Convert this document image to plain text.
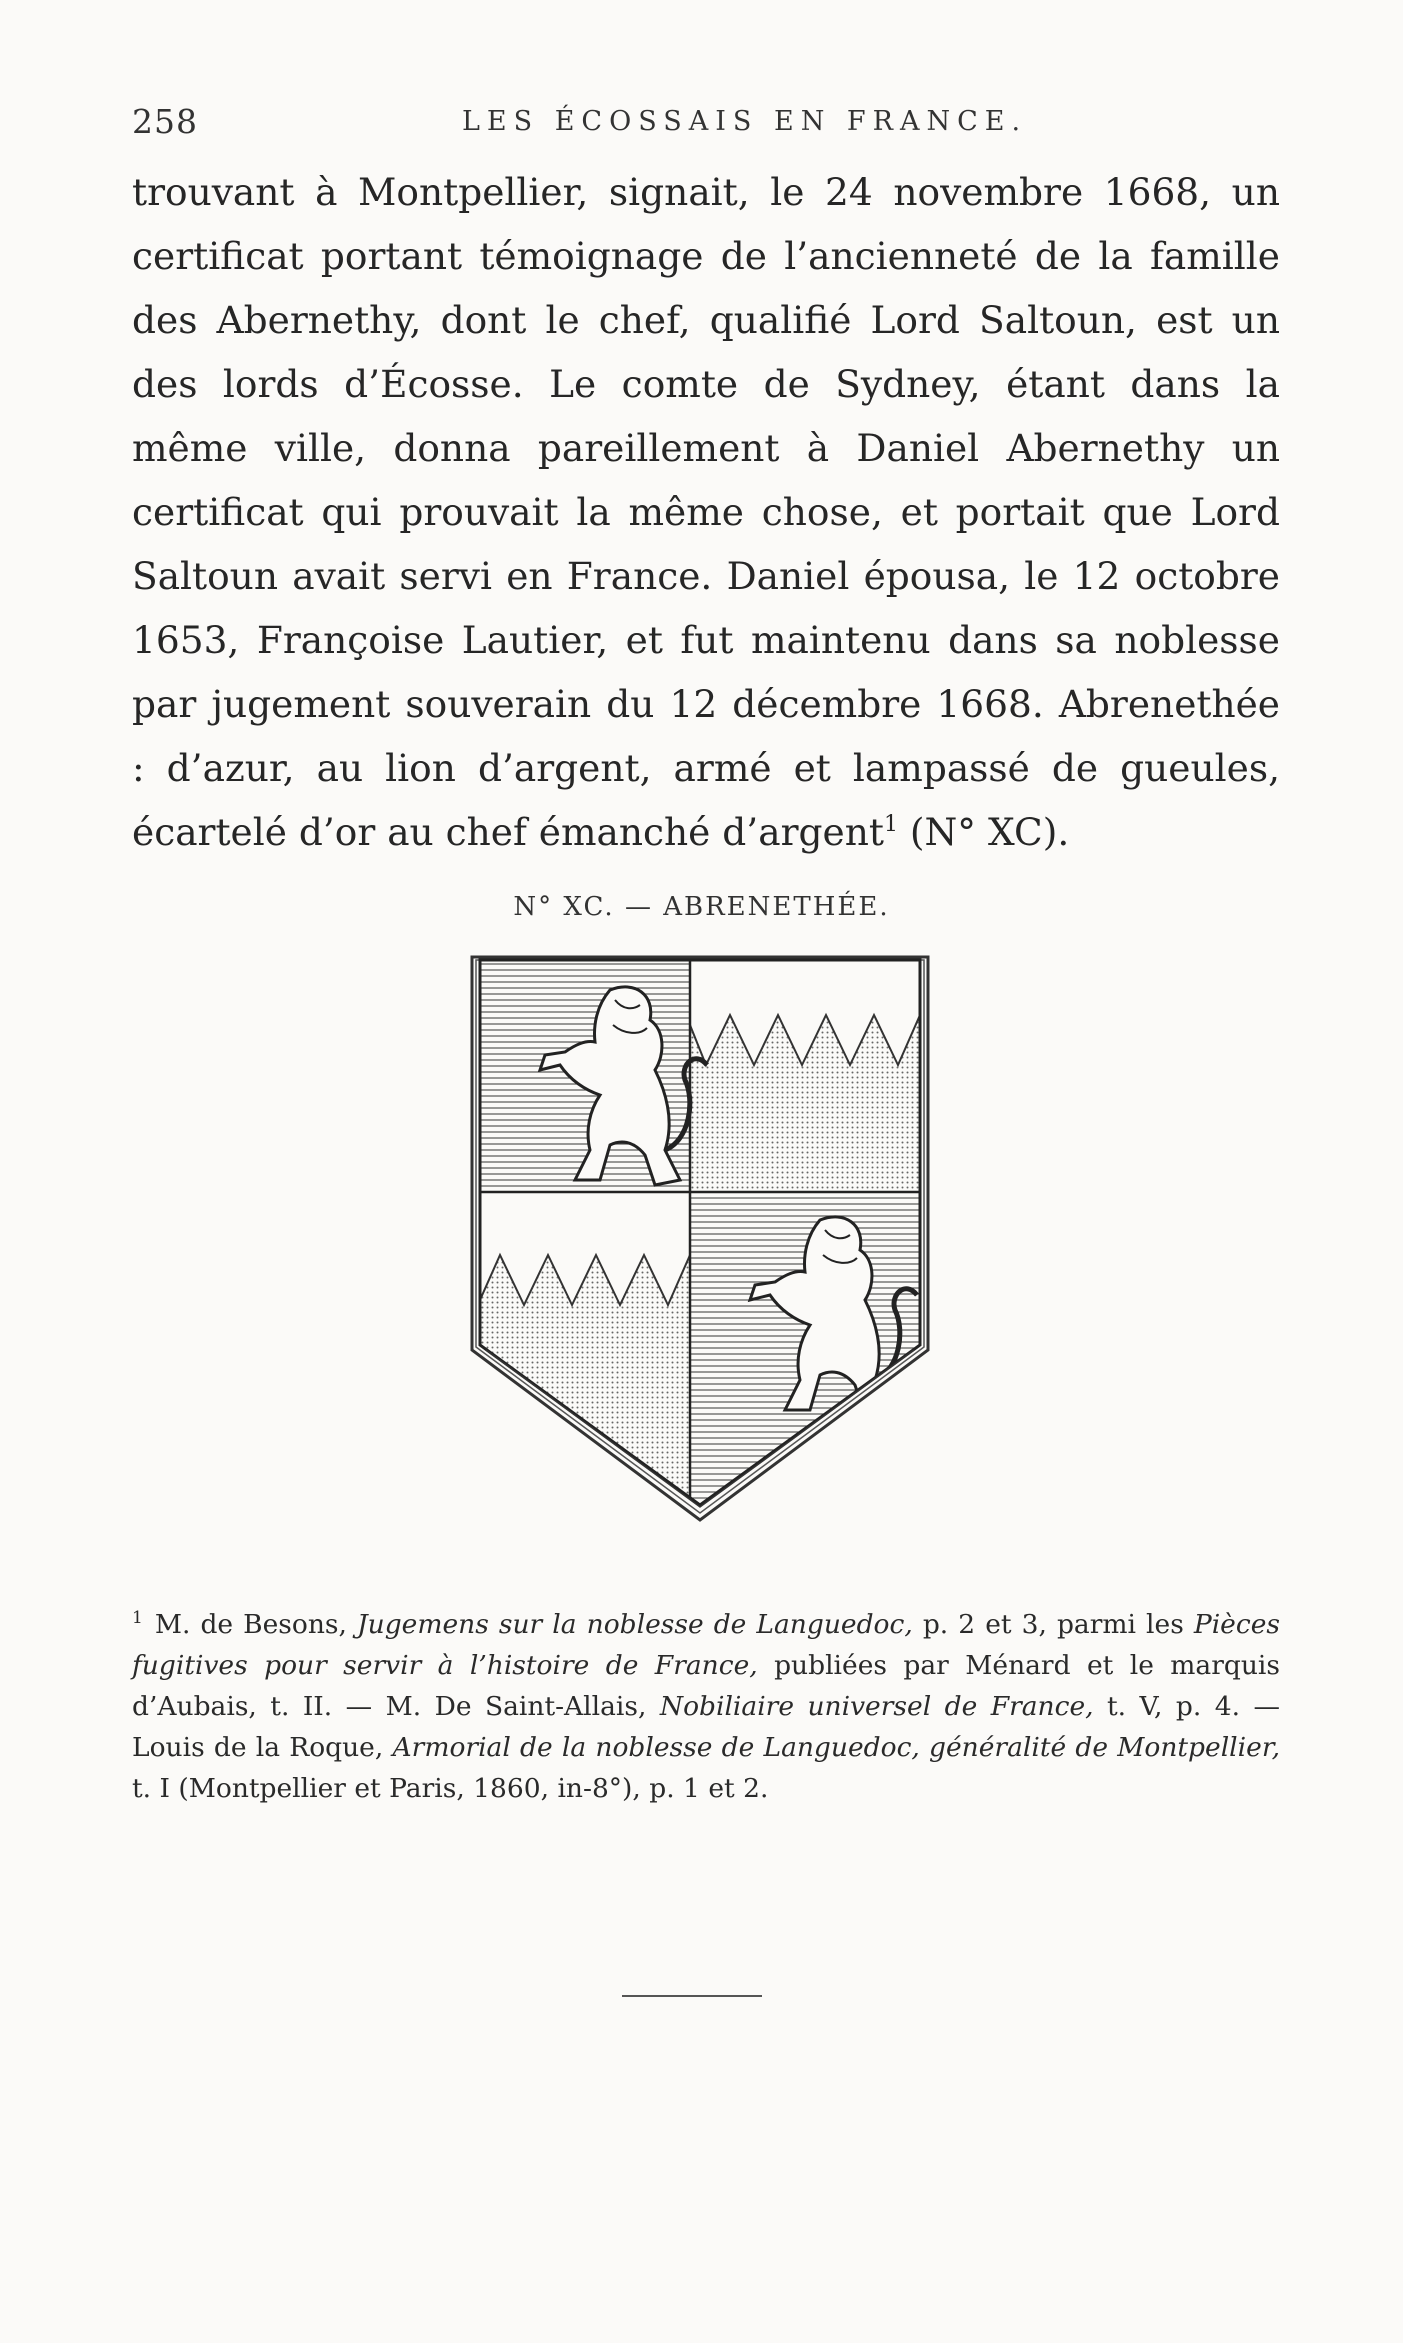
258	LES ÉCOSSAIS EN FRANCE.

trouvant à Montpellier, signait, le 24 novembre 1668, un certificat portant témoignage de l’ancienneté de la famille des Abernethy, dont le chef, qualifié Lord Saltoun, est un des lords d’Écosse. Le comte de Sydney, étant dans la même ville, donna pareillement à Daniel Abernethy un certificat qui prouvait la même chose, et portait que Lord Saltoun avait servi en France. Daniel épousa, le 12 octobre 1653, Françoise Lautier, et fut maintenu dans sa noblesse par jugement souverain du 12 décembre 1668. Abrenethée : d’azur, au lion d’argent, armé et lampassé de gueules, écartelé d’or au chef émanché d’argent$^1$ (N° XC).

N° XC. — ABRENETHÉE.

$^1$ M. de Besons, Jugemens sur la noblesse de Languedoc, p. 2 et 3, parmi les Pièces fugitives pour servir à l’histoire de France, publiées par Ménard et le marquis d’Aubais, t. II. — M. De Saint-Allais, Nobiliaire universel de France, t. V, p. 4. — Louis de la Roque, Armorial de la noblesse de Languedoc, généralité de Montpellier, t. I (Montpellier et Paris, 1860, in-8°), p. 1 et 2.
